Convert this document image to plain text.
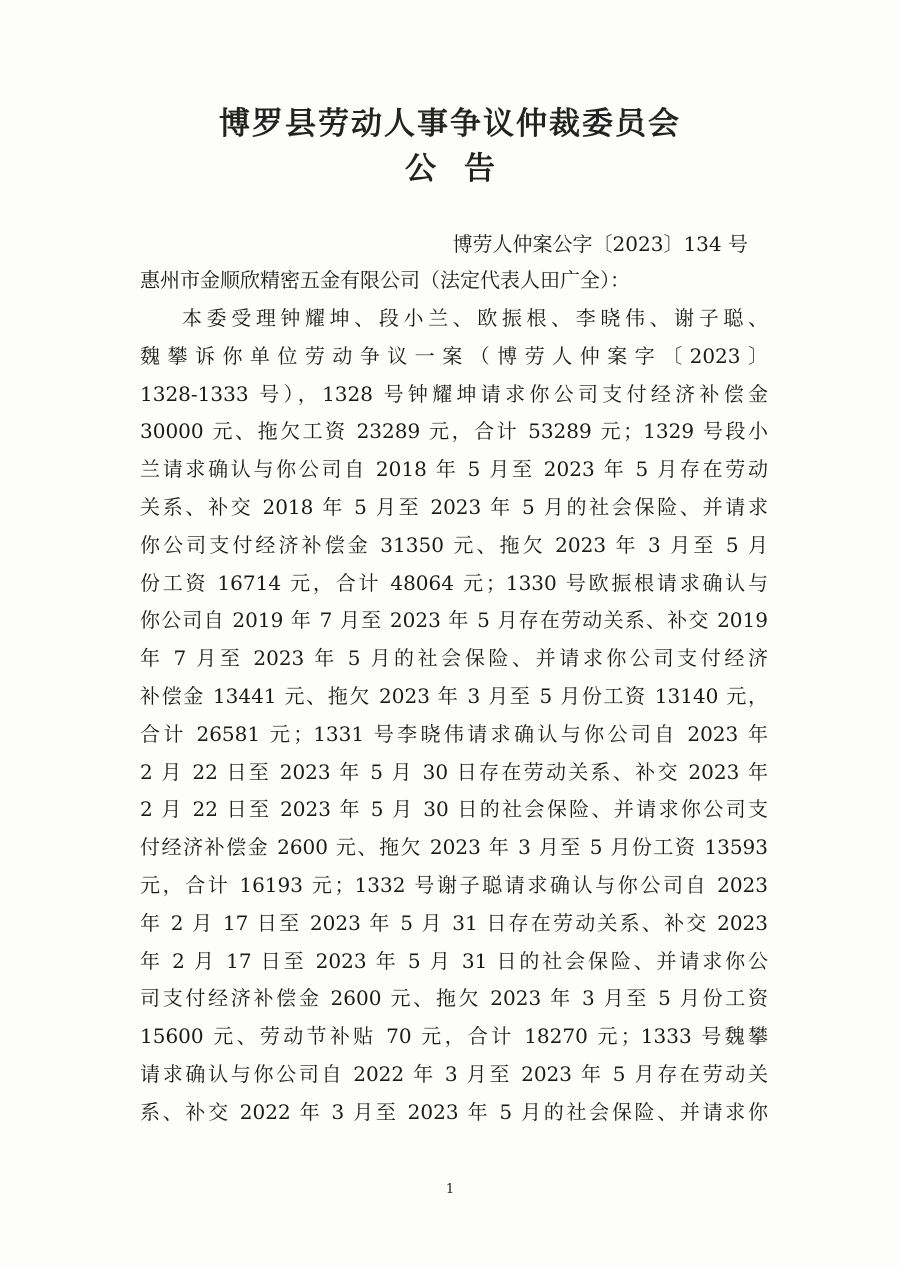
博罗县劳动人事争议仲裁委员会
公告
博劳人仲案公字〔2023〕134 号
惠州市金顺欣精密五金有限公司（法定代表人田广全）：
本委受理钟耀坤、段小兰、欧振根、李晓伟、谢子聪、
魏攀诉你单位劳动争议一案（博劳人仲案字〔2023〕
1328-1333 号），1328 号钟耀坤请求你公司支付经济补偿金
30000 元、拖欠工资 23289 元，合计 53289 元；1329 号段小
兰请求确认与你公司自 2018 年 5 月至 2023 年 5 月存在劳动
关系、补交 2018 年 5 月至 2023 年 5 月的社会保险、并请求
你公司支付经济补偿金 31350 元、拖欠 2023 年 3 月至 5 月
份工资 16714 元，合计 48064 元；1330 号欧振根请求确认与
你公司自 2019 年 7 月至 2023 年 5 月存在劳动关系、补交 2019
年 7 月至 2023 年 5 月的社会保险、并请求你公司支付经济
补偿金 13441 元、拖欠 2023 年 3 月至 5 月份工资 13140 元，
合计 26581 元；1331 号李晓伟请求确认与你公司自 2023 年
2 月 22 日至 2023 年 5 月 30 日存在劳动关系、补交 2023 年
2 月 22 日至 2023 年 5 月 30 日的社会保险、并请求你公司支
付经济补偿金 2600 元、拖欠 2023 年 3 月至 5 月份工资 13593
元，合计 16193 元；1332 号谢子聪请求确认与你公司自 2023
年 2 月 17 日至 2023 年 5 月 31 日存在劳动关系、补交 2023
年 2 月 17 日至 2023 年 5 月 31 日的社会保险、并请求你公
司支付经济补偿金 2600 元、拖欠 2023 年 3 月至 5 月份工资
15600 元、劳动节补贴 70 元，合计 18270 元；1333 号魏攀
请求确认与你公司自 2022 年 3 月至 2023 年 5 月存在劳动关
系、补交 2022 年 3 月至 2023 年 5 月的社会保险、并请求你
1
